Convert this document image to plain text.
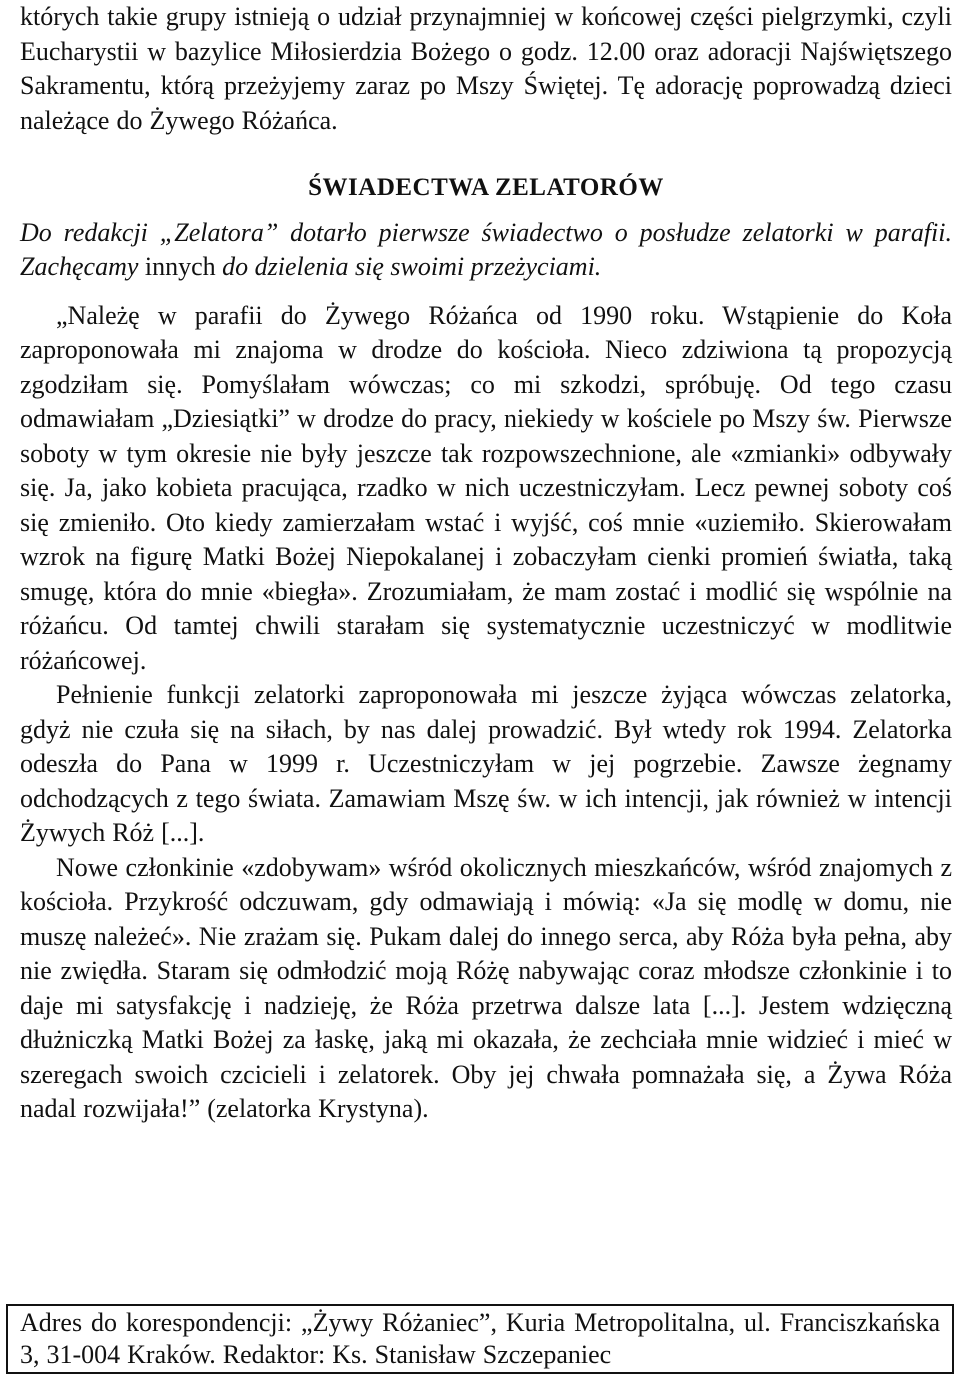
których takie grupy istnieją o udział przynajmniej w końcowej części pielgrzymki, czyli Eucharystii w bazylice Miłosierdzia Bożego o godz. 12.00 oraz adoracji Najświętszego Sakramentu, którą przeżyjemy zaraz po Mszy Świętej. Tę adorację poprowadzą dzieci należące do Żywego Różańca.

ŚWIADECTWA ZELATORÓW

Do redakcji „Zelatora” dotarło pierwsze świadectwo o posłudze zelatorki w parafii. Zachęcamy innych do dzielenia się swoimi przeżyciami.

„Należę w parafii do Żywego Różańca od 1990 roku. Wstąpienie do Koła zaproponowała mi znajoma w drodze do kościoła. Nieco zdziwiona tą propozycją zgodziłam się. Pomyślałam wówczas; co mi szkodzi, spróbuję. Od tego czasu odmawiałam „Dziesiątki” w drodze do pracy, niekiedy w kościele po Mszy św. Pierwsze soboty w tym okresie nie były jeszcze tak rozpowszechnione, ale «zmianki» odbywały się. Ja, jako kobieta pracująca, rzadko w nich uczestniczyłam. Lecz pewnej soboty coś się zmieniło. Oto kiedy zamierzałam wstać i wyjść, coś mnie «uziemiło. Skierowałam wzrok na figurę Matki Bożej Niepokalanej i zobaczyłam cienki promień światła, taką smugę, która do mnie «biegła». Zrozumiałam, że mam zostać i modlić się wspólnie na różańcu. Od tamtej chwili starałam się systematycznie uczestniczyć w modlitwie różańcowej.

Pełnienie funkcji zelatorki zaproponowała mi jeszcze żyjąca wówczas zelatorka, gdyż nie czuła się na siłach, by nas dalej prowadzić. Był wtedy rok 1994. Zelatorka odeszła do Pana w 1999 r. Uczestniczyłam w jej pogrzebie. Zawsze żegnamy odchodzących z tego świata. Zamawiam Mszę św. w ich intencji, jak również w intencji Żywych Róż [...].

Nowe członkinie «zdobywam» wśród okolicznych mieszkańców, wśród znajomych z kościoła. Przykrość odczuwam, gdy odmawiają i mówią: «Ja się modlę w domu, nie muszę należeć». Nie zrażam się. Pukam dalej do innego serca, aby Róża była pełna, aby nie zwiędła. Staram się odmłodzić moją Różę nabywając coraz młodsze członkinie i to daje mi satysfakcję i nadzieję, że Róża przetrwa dalsze lata [...]. Jestem wdzięczną dłużniczką Matki Bożej za łaskę, jaką mi okazała, że zechciała mnie widzieć i mieć w szeregach swoich czcicieli i zelatorek. Oby jej chwała pomnażała się, a Żywa Róża nadal rozwijała!” (zelatorka Krystyna).

Adres do korespondencji: „Żywy Różaniec”, Kuria Metropolitalna, ul. Franciszkańska 3, 31-004 Kraków. Redaktor: Ks. Stanisław Szczepaniec
